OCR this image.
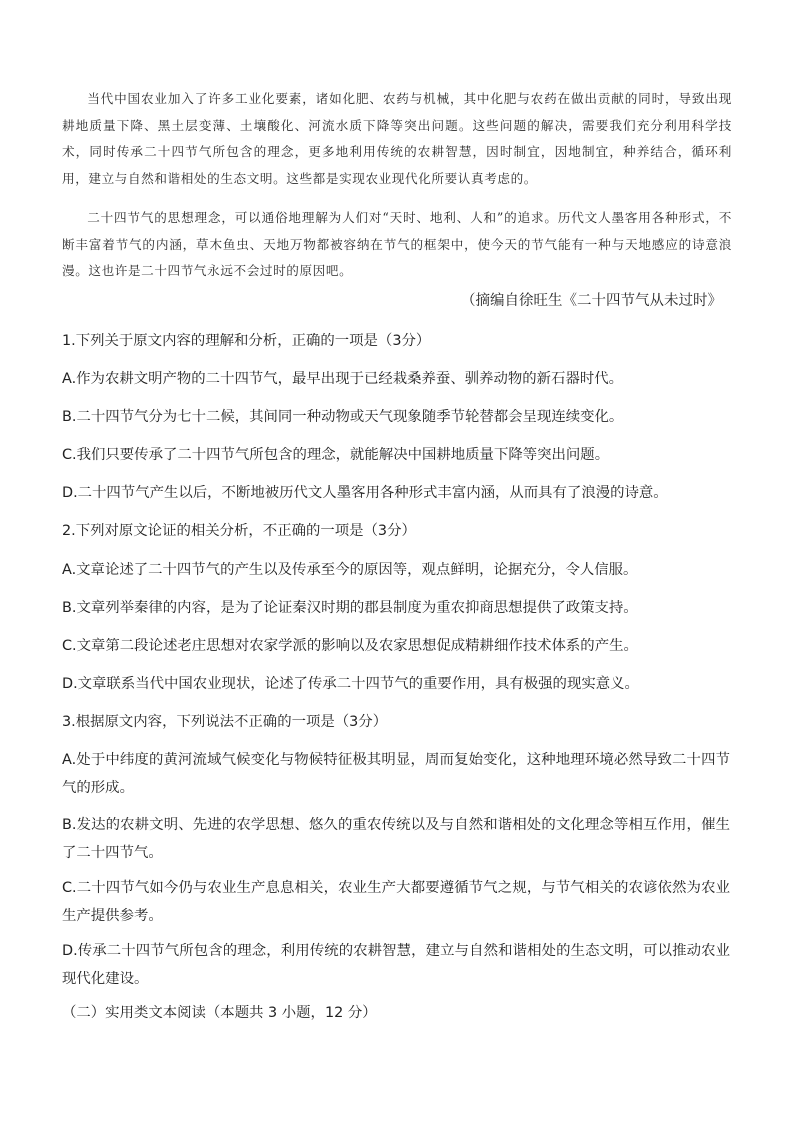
当代中国农业加入了许多工业化要素，诸如化肥、农药与机械，其中化肥与农药在做出贡献的同时，导致出现耕地质量下降、黑土层变薄、土壤酸化、河流水质下降等突出问题。这些问题的解决，需要我们充分利用科学技术，同时传承二十四节气所包含的理念，更多地利用传统的农耕智慧，因时制宜，因地制宜，种养结合，循环利用，建立与自然和谐相处的生态文明。这些都是实现农业现代化所要认真考虑的。

二十四节气的思想理念，可以通俗地理解为人们对“天时、地利、人和”的追求。历代文人墨客用各种形式，不断丰富着节气的内涵，草木鱼虫、天地万物都被容纳在节气的框架中，使今天的节气能有一种与天地感应的诗意浪漫。这也许是二十四节气永远不会过时的原因吧。

（摘编自徐旺生《二十四节气从未过时》

1.下列关于原文内容的理解和分析，正确的一项是（3分）

A.作为农耕文明产物的二十四节气，最早出现于已经栽桑养蚕、驯养动物的新石器时代。

B.二十四节气分为七十二候，其间同一种动物或天气现象随季节轮替都会呈现连续变化。

C.我们只要传承了二十四节气所包含的理念，就能解决中国耕地质量下降等突出问题。

D.二十四节气产生以后，不断地被历代文人墨客用各种形式丰富内涵，从而具有了浪漫的诗意。

2.下列对原文论证的相关分析，不正确的一项是（3分）

A.文章论述了二十四节气的产生以及传承至今的原因等，观点鲜明，论据充分，令人信服。

B.文章列举秦律的内容，是为了论证秦汉时期的郡县制度为重农抑商思想提供了政策支持。

C.文章第二段论述老庄思想对农家学派的影响以及农家思想促成精耕细作技术体系的产生。

D.文章联系当代中国农业现状，论述了传承二十四节气的重要作用，具有极强的现实意义。

3.根据原文内容，下列说法不正确的一项是（3分）

A.处于中纬度的黄河流域气候变化与物候特征极其明显，周而复始变化，这种地理环境必然导致二十四节气的形成。

B.发达的农耕文明、先进的农学思想、悠久的重农传统以及与自然和谐相处的文化理念等相互作用，催生了二十四节气。

C.二十四节气如今仍与农业生产息息相关，农业生产大都要遵循节气之规，与节气相关的农谚依然为农业生产提供参考。

D.传承二十四节气所包含的理念，利用传统的农耕智慧，建立与自然和谐相处的生态文明，可以推动农业现代化建设。

（二）实用类文本阅读（本题共 3 小题，12 分）
